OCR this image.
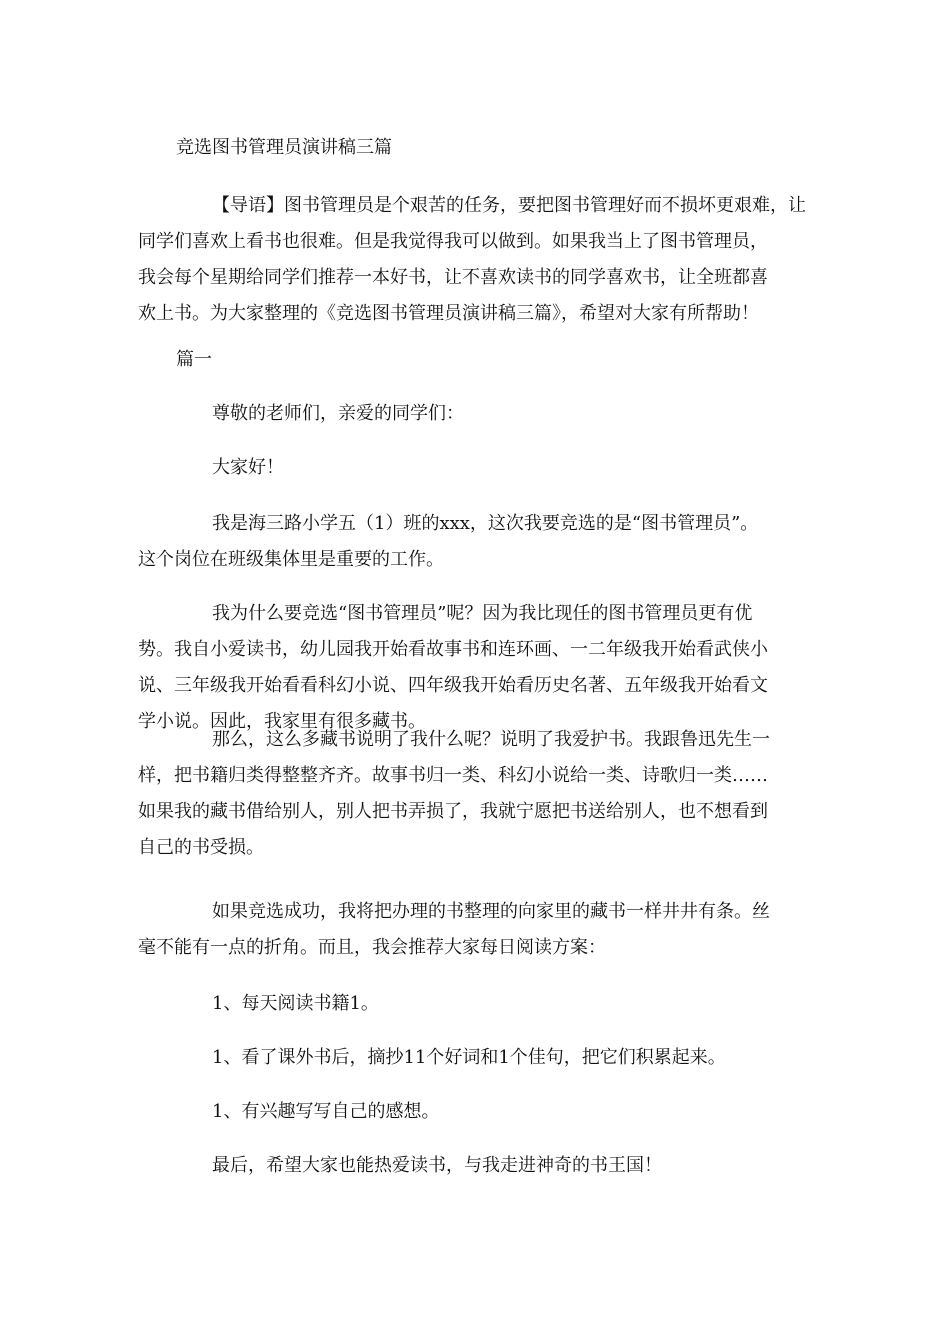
竞选图书管理员演讲稿三篇

【导语】图书管理员是个艰苦的任务，要把图书管理好而不损坏更艰难，让
同学们喜欢上看书也很难。但是我觉得我可以做到。如果我当上了图书管理员，
我会每个星期给同学们推荐一本好书，让不喜欢读书的同学喜欢书，让全班都喜
欢上书。为大家整理的《竞选图书管理员演讲稿三篇》，希望对大家有所帮助！

篇一

尊敬的老师们，亲爱的同学们：

大家好！

我是海三路小学五（1）班的xxx，这次我要竞选的是“图书管理员”。
这个岗位在班级集体里是重要的工作。

我为什么要竞选“图书管理员”呢？因为我比现任的图书管理员更有优
势。我自小爱读书，幼儿园我开始看故事书和连环画、一二年级我开始看武侠小
说、三年级我开始看看科幻小说、四年级我开始看历史名著、五年级我开始看文
学小说。因此，我家里有很多藏书。

那么，这么多藏书说明了我什么呢？说明了我爱护书。我跟鲁迅先生一
样，把书籍归类得整整齐齐。故事书归一类、科幻小说给一类、诗歌归一类……
如果我的藏书借给别人，别人把书弄损了，我就宁愿把书送给别人，也不想看到
自己的书受损。

如果竞选成功，我将把办理的书整理的向家里的藏书一样井井有条。丝
毫不能有一点的折角。而且，我会推荐大家每日阅读方案：

1、每天阅读书籍1。

1、看了课外书后，摘抄11个好词和1个佳句，把它们积累起来。

1、有兴趣写写自己的感想。

最后，希望大家也能热爱读书，与我走进神奇的书王国！
